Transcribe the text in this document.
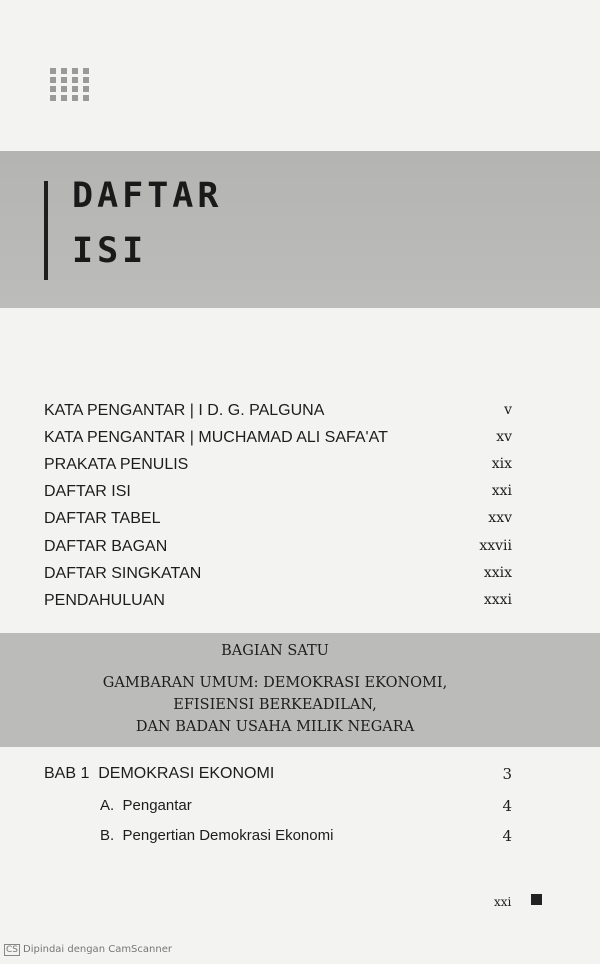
DAFTAR
ISI
KATA PENGANTAR | I D. G. PALGUNA	v
KATA PENGANTAR | MUCHAMAD ALI SAFA'AT	xv
PRAKATA PENULIS	xix
DAFTAR ISI	xxi
DAFTAR TABEL	xxv
DAFTAR BAGAN	xxvii
DAFTAR SINGKATAN	xxix
PENDAHULUAN	xxxi
BAGIAN SATU
GAMBARAN UMUM: DEMOKRASI EKONOMI,
EFISIENSI BERKEADILAN,
DAN BADAN USAHA MILIK NEGARA
BAB 1  DEMOKRASI EKONOMI	3
A.  Pengantar	4
B.  Pengertian Demokrasi Ekonomi	4
xxi
CS Dipindai dengan CamScanner
